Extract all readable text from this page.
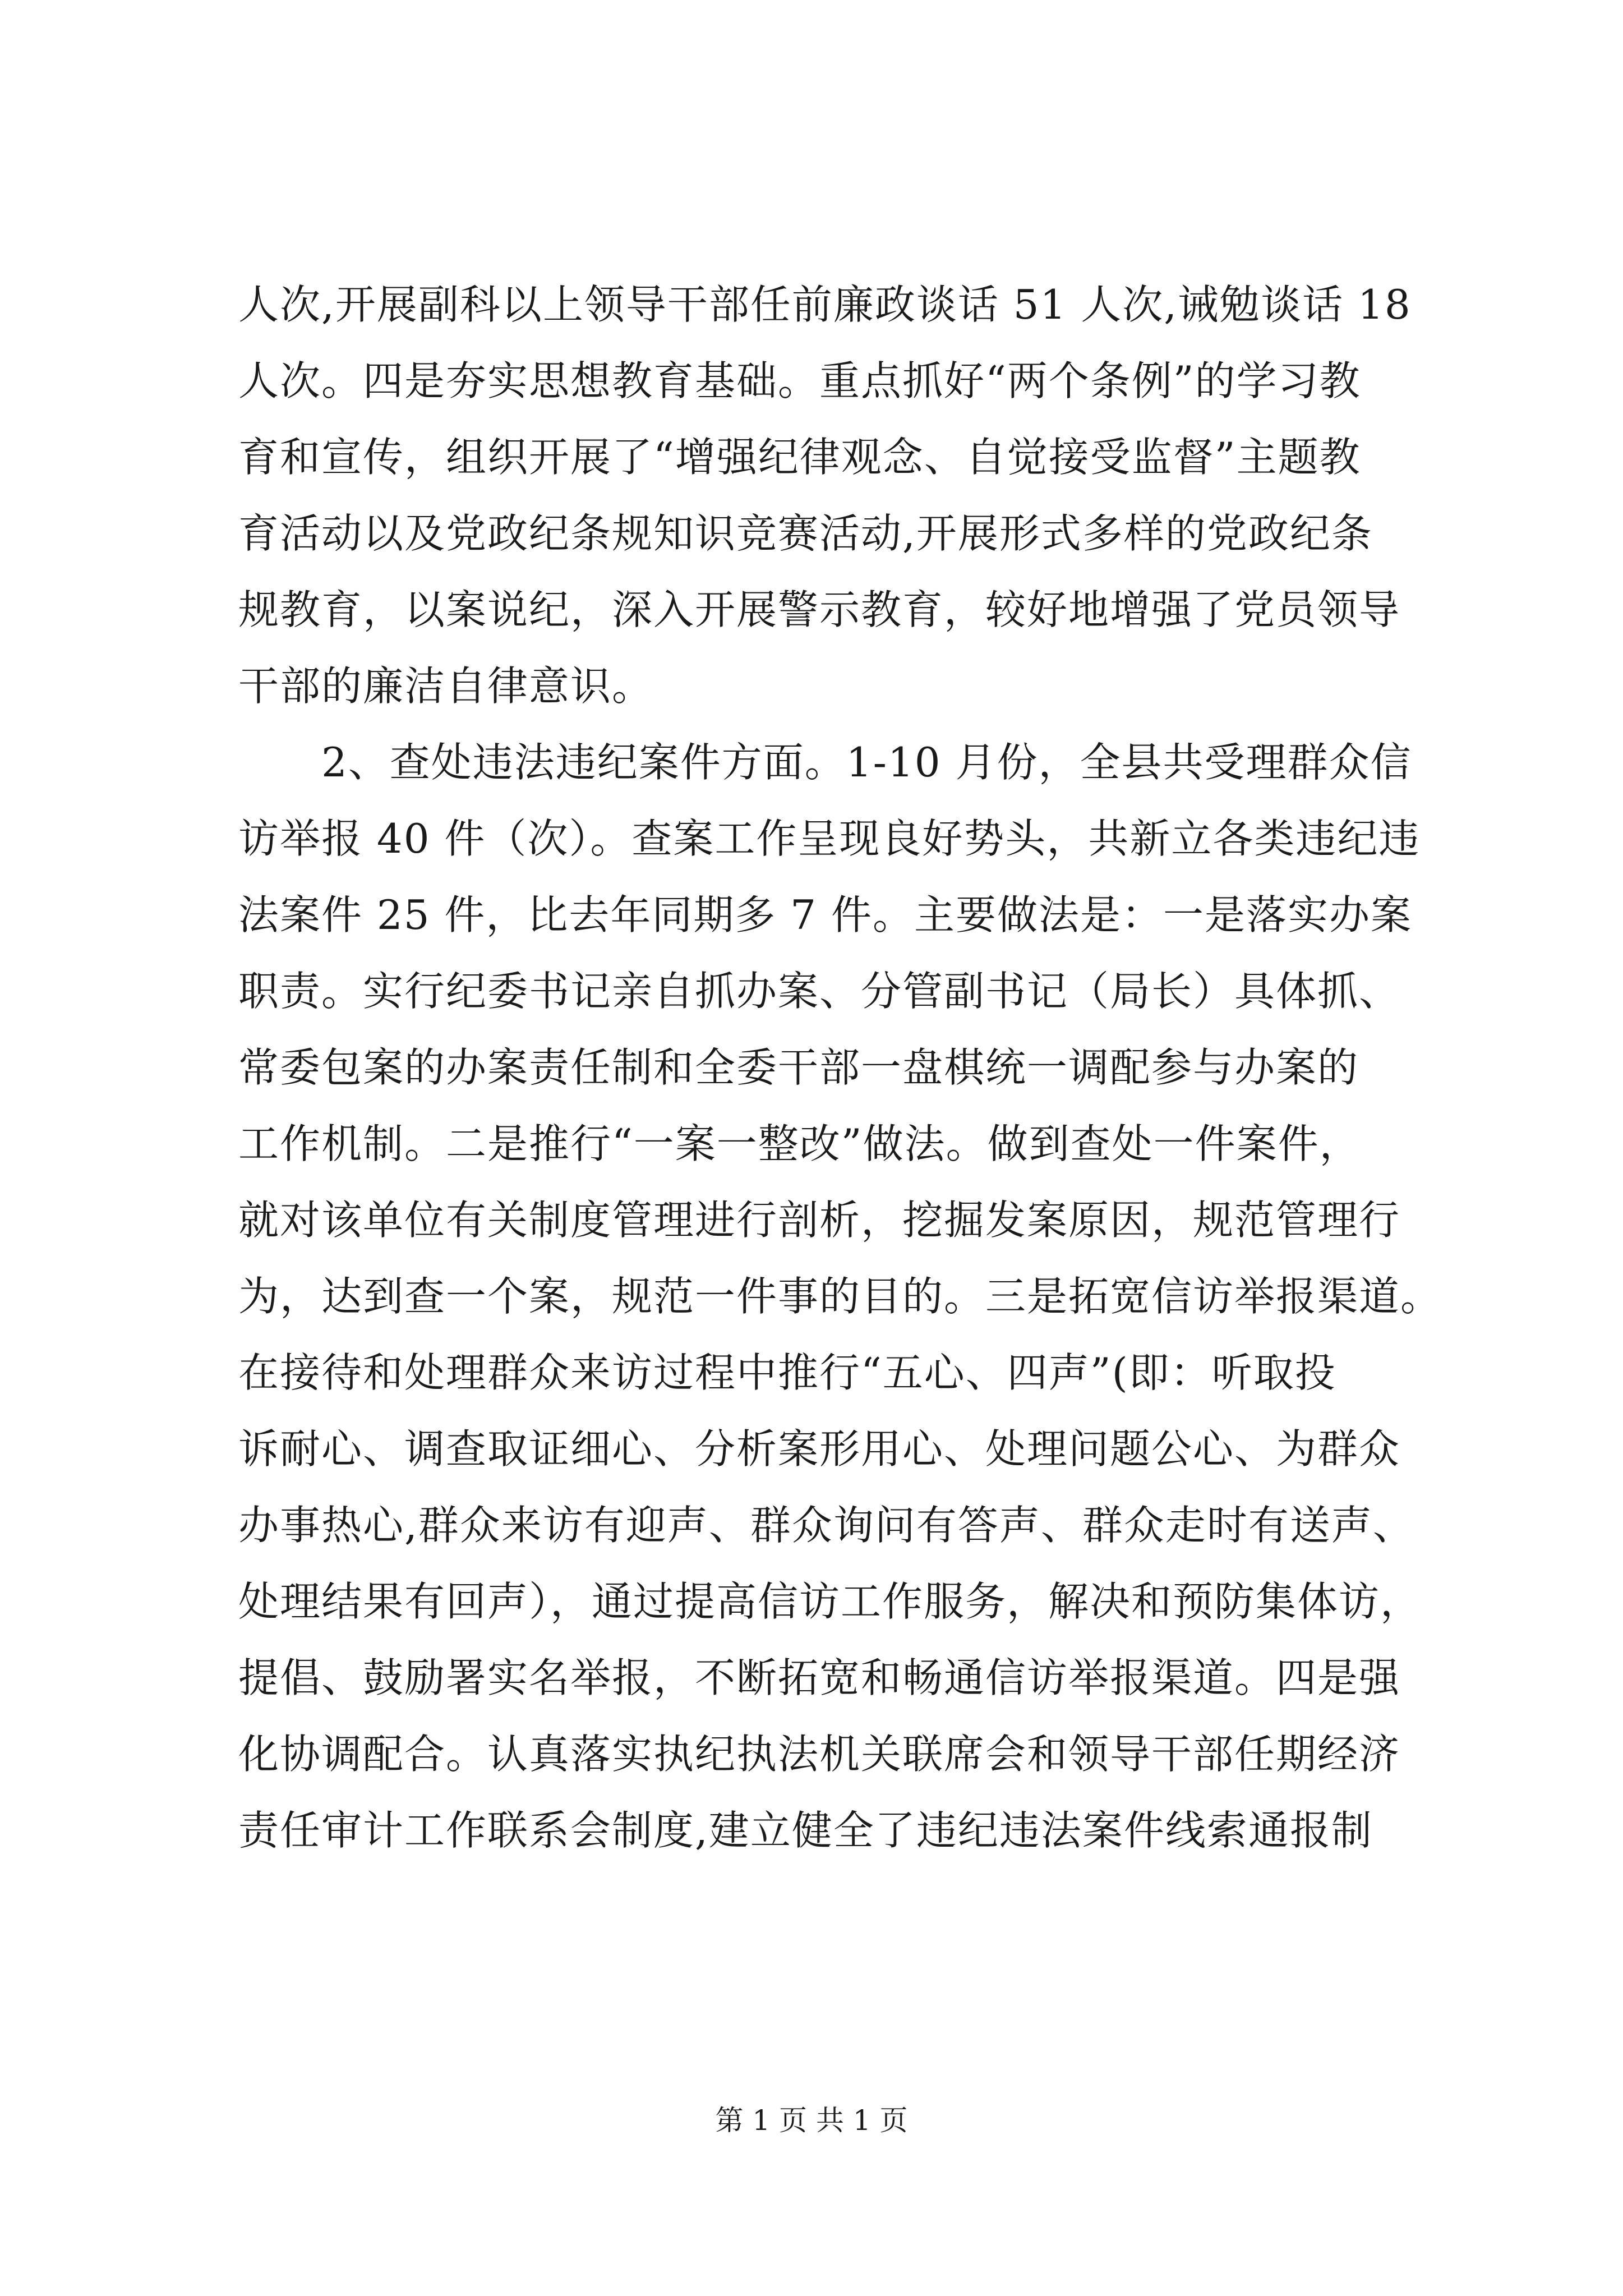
人次,开展副科以上领导干部任前廉政谈话 51 人次,诫勉谈话 18
人次。四是夯实思想教育基础。重点抓好“两个条例”的学习教
育和宣传，组织开展了“增强纪律观念、自觉接受监督”主题教
育活动以及党政纪条规知识竞赛活动,开展形式多样的党政纪条
规教育，以案说纪，深入开展警示教育，较好地增强了党员领导
干部的廉洁自律意识。
　　2、查处违法违纪案件方面。1-10 月份，全县共受理群众信
访举报 40 件（次）。查案工作呈现良好势头，共新立各类违纪违
法案件 25 件，比去年同期多 7 件。主要做法是：一是落实办案
职责。实行纪委书记亲自抓办案、分管副书记（局长）具体抓、
常委包案的办案责任制和全委干部一盘棋统一调配参与办案的
工作机制。二是推行“一案一整改”做法。做到查处一件案件，
就对该单位有关制度管理进行剖析，挖掘发案原因，规范管理行
为，达到查一个案，规范一件事的目的。三是拓宽信访举报渠道。
在接待和处理群众来访过程中推行“五心、四声”(即：听取投
诉耐心、调查取证细心、分析案形用心、处理问题公心、为群众
办事热心,群众来访有迎声、群众询问有答声、群众走时有送声、
处理结果有回声），通过提高信访工作服务，解决和预防集体访，
提倡、鼓励署实名举报，不断拓宽和畅通信访举报渠道。四是强
化协调配合。认真落实执纪执法机关联席会和领导干部任期经济
责任审计工作联系会制度,建立健全了违纪违法案件线索通报制
第 1 页 共 1 页
